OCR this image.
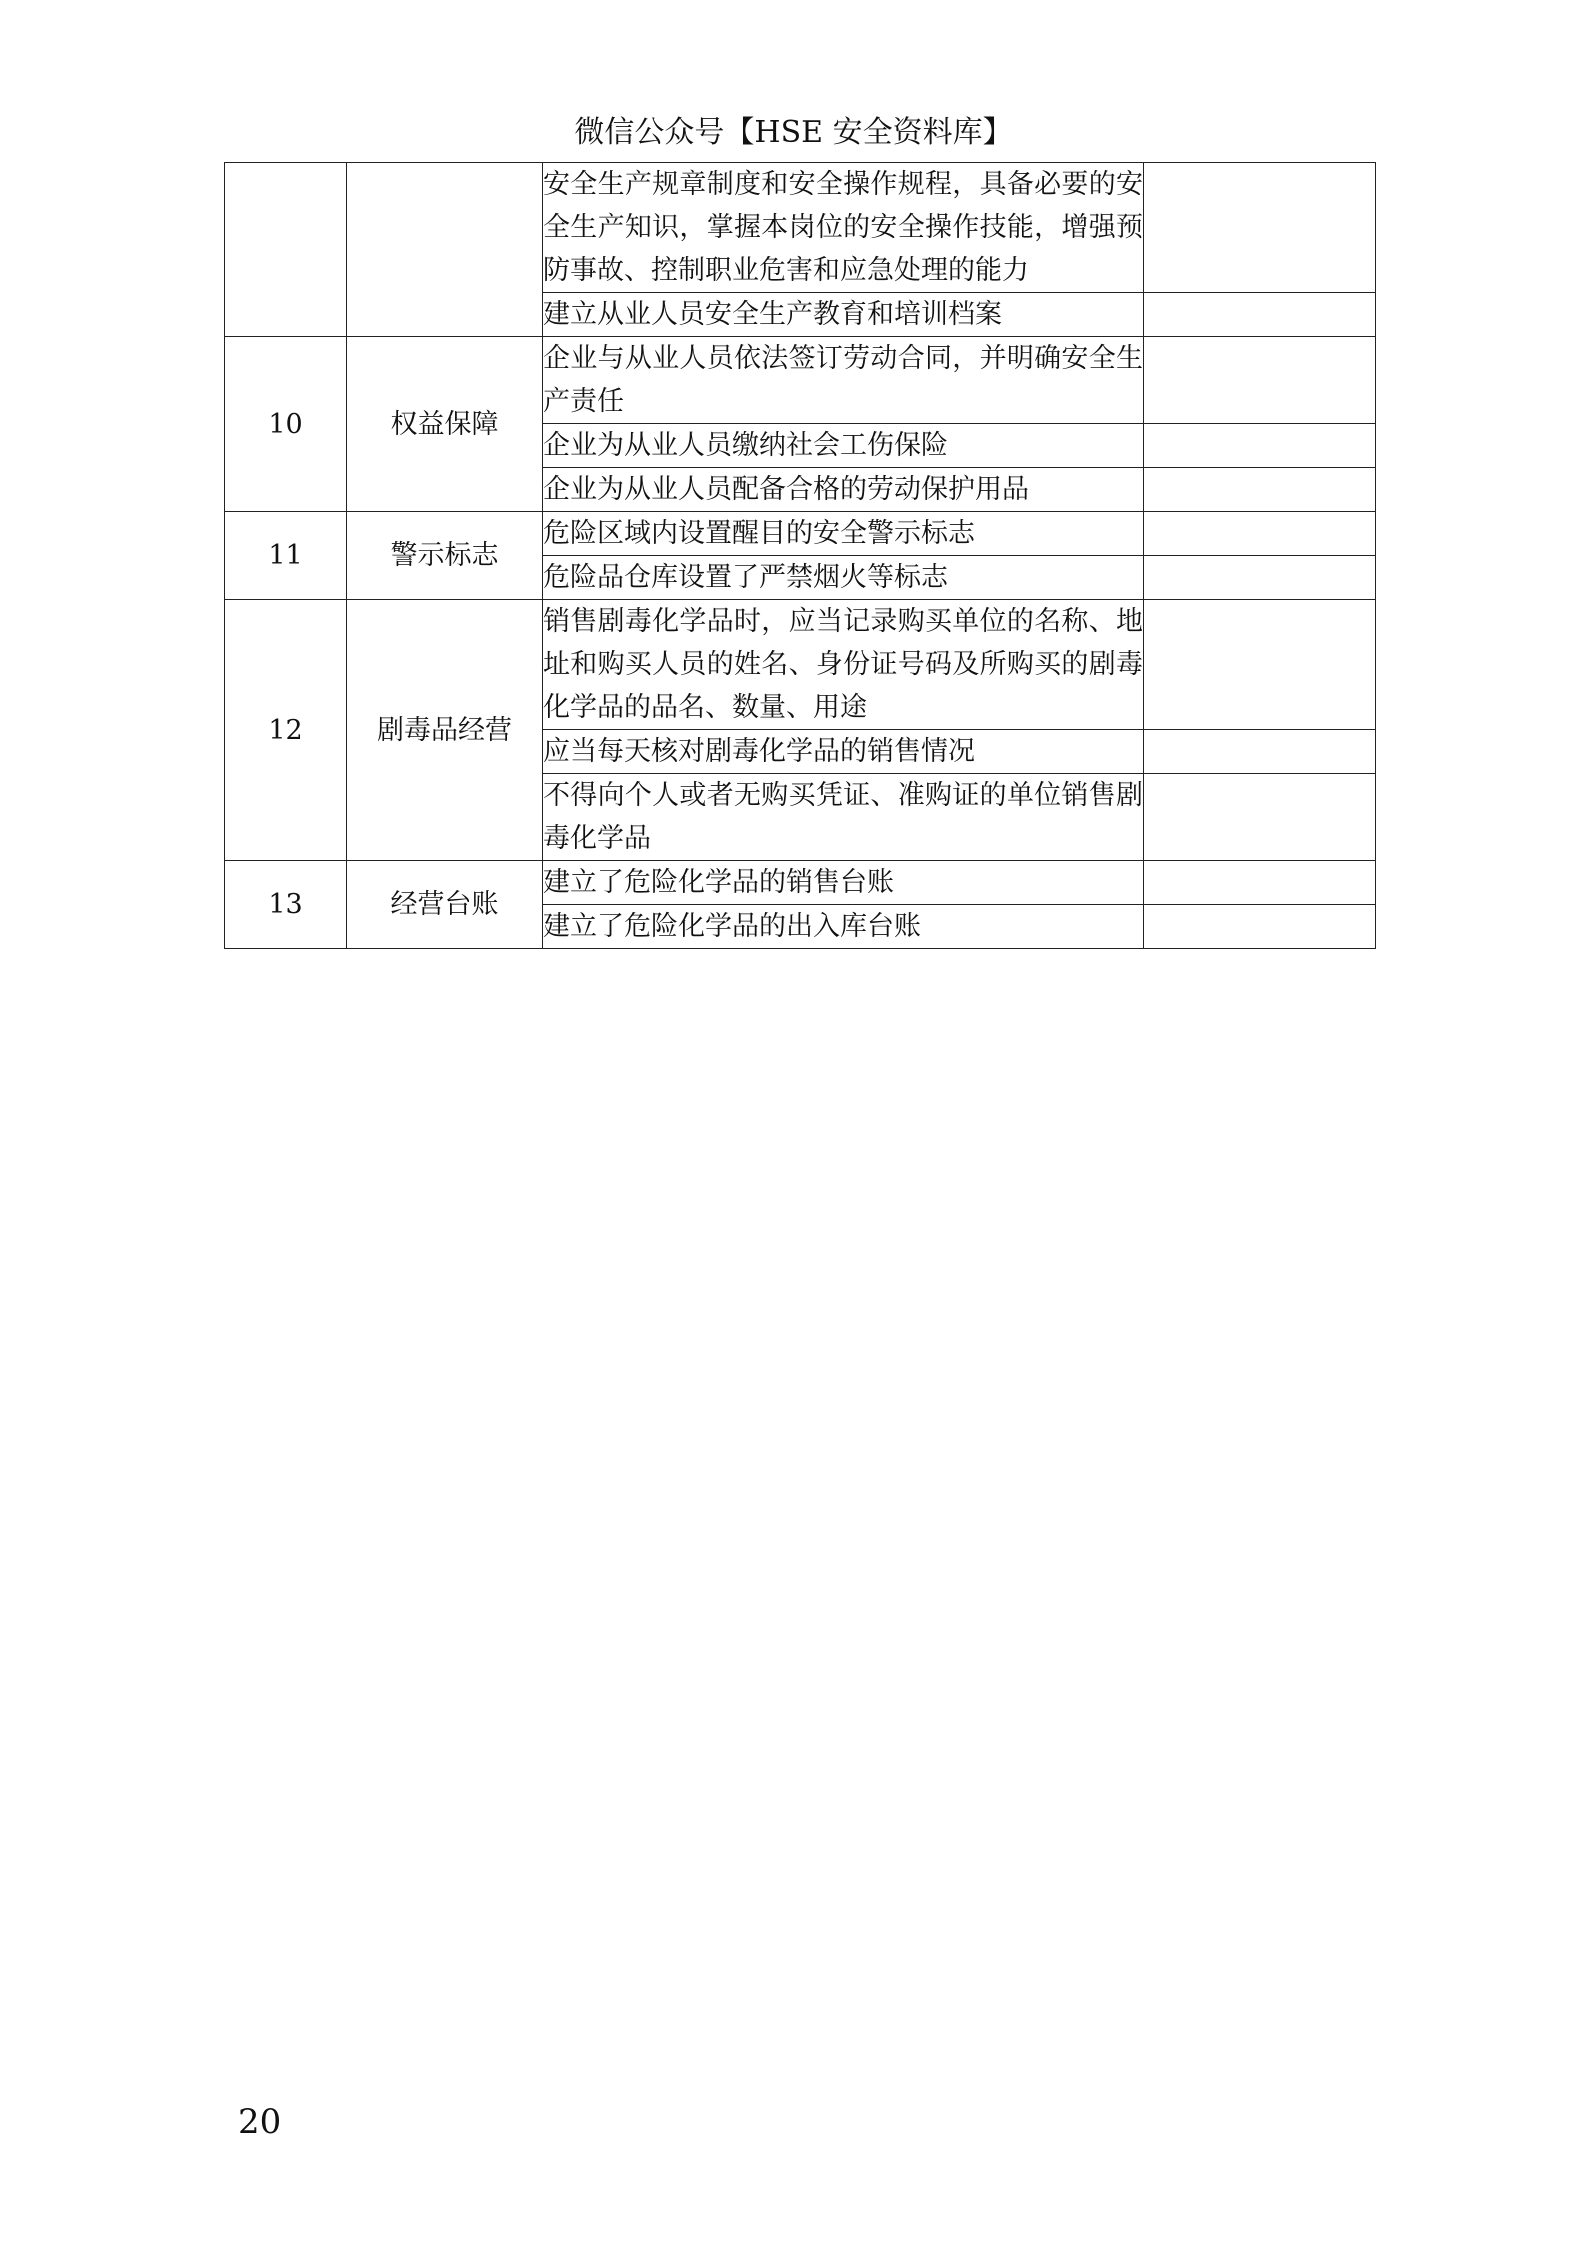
微信公众号【HSE 安全资料库】
		安全生产规章制度和安全操作规程，具备必要的安全生产知识，掌握本岗位的安全操作技能，增强预防事故、控制职业危害和应急处理的能力	
		建立从业人员安全生产教育和培训档案	
10	权益保障	企业与从业人员依法签订劳动合同，并明确安全生产责任	
		企业为从业人员缴纳社会工伤保险	
		企业为从业人员配备合格的劳动保护用品	
11	警示标志	危险区域内设置醒目的安全警示标志	
		危险品仓库设置了严禁烟火等标志	
12	剧毒品经营	销售剧毒化学品时，应当记录购买单位的名称、地址和购买人员的姓名、身份证号码及所购买的剧毒化学品的品名、数量、用途	
		应当每天核对剧毒化学品的销售情况	
		不得向个人或者无购买凭证、准购证的单位销售剧毒化学品	
13	经营台账	建立了危险化学品的销售台账	
		建立了危险化学品的出入库台账	
20
